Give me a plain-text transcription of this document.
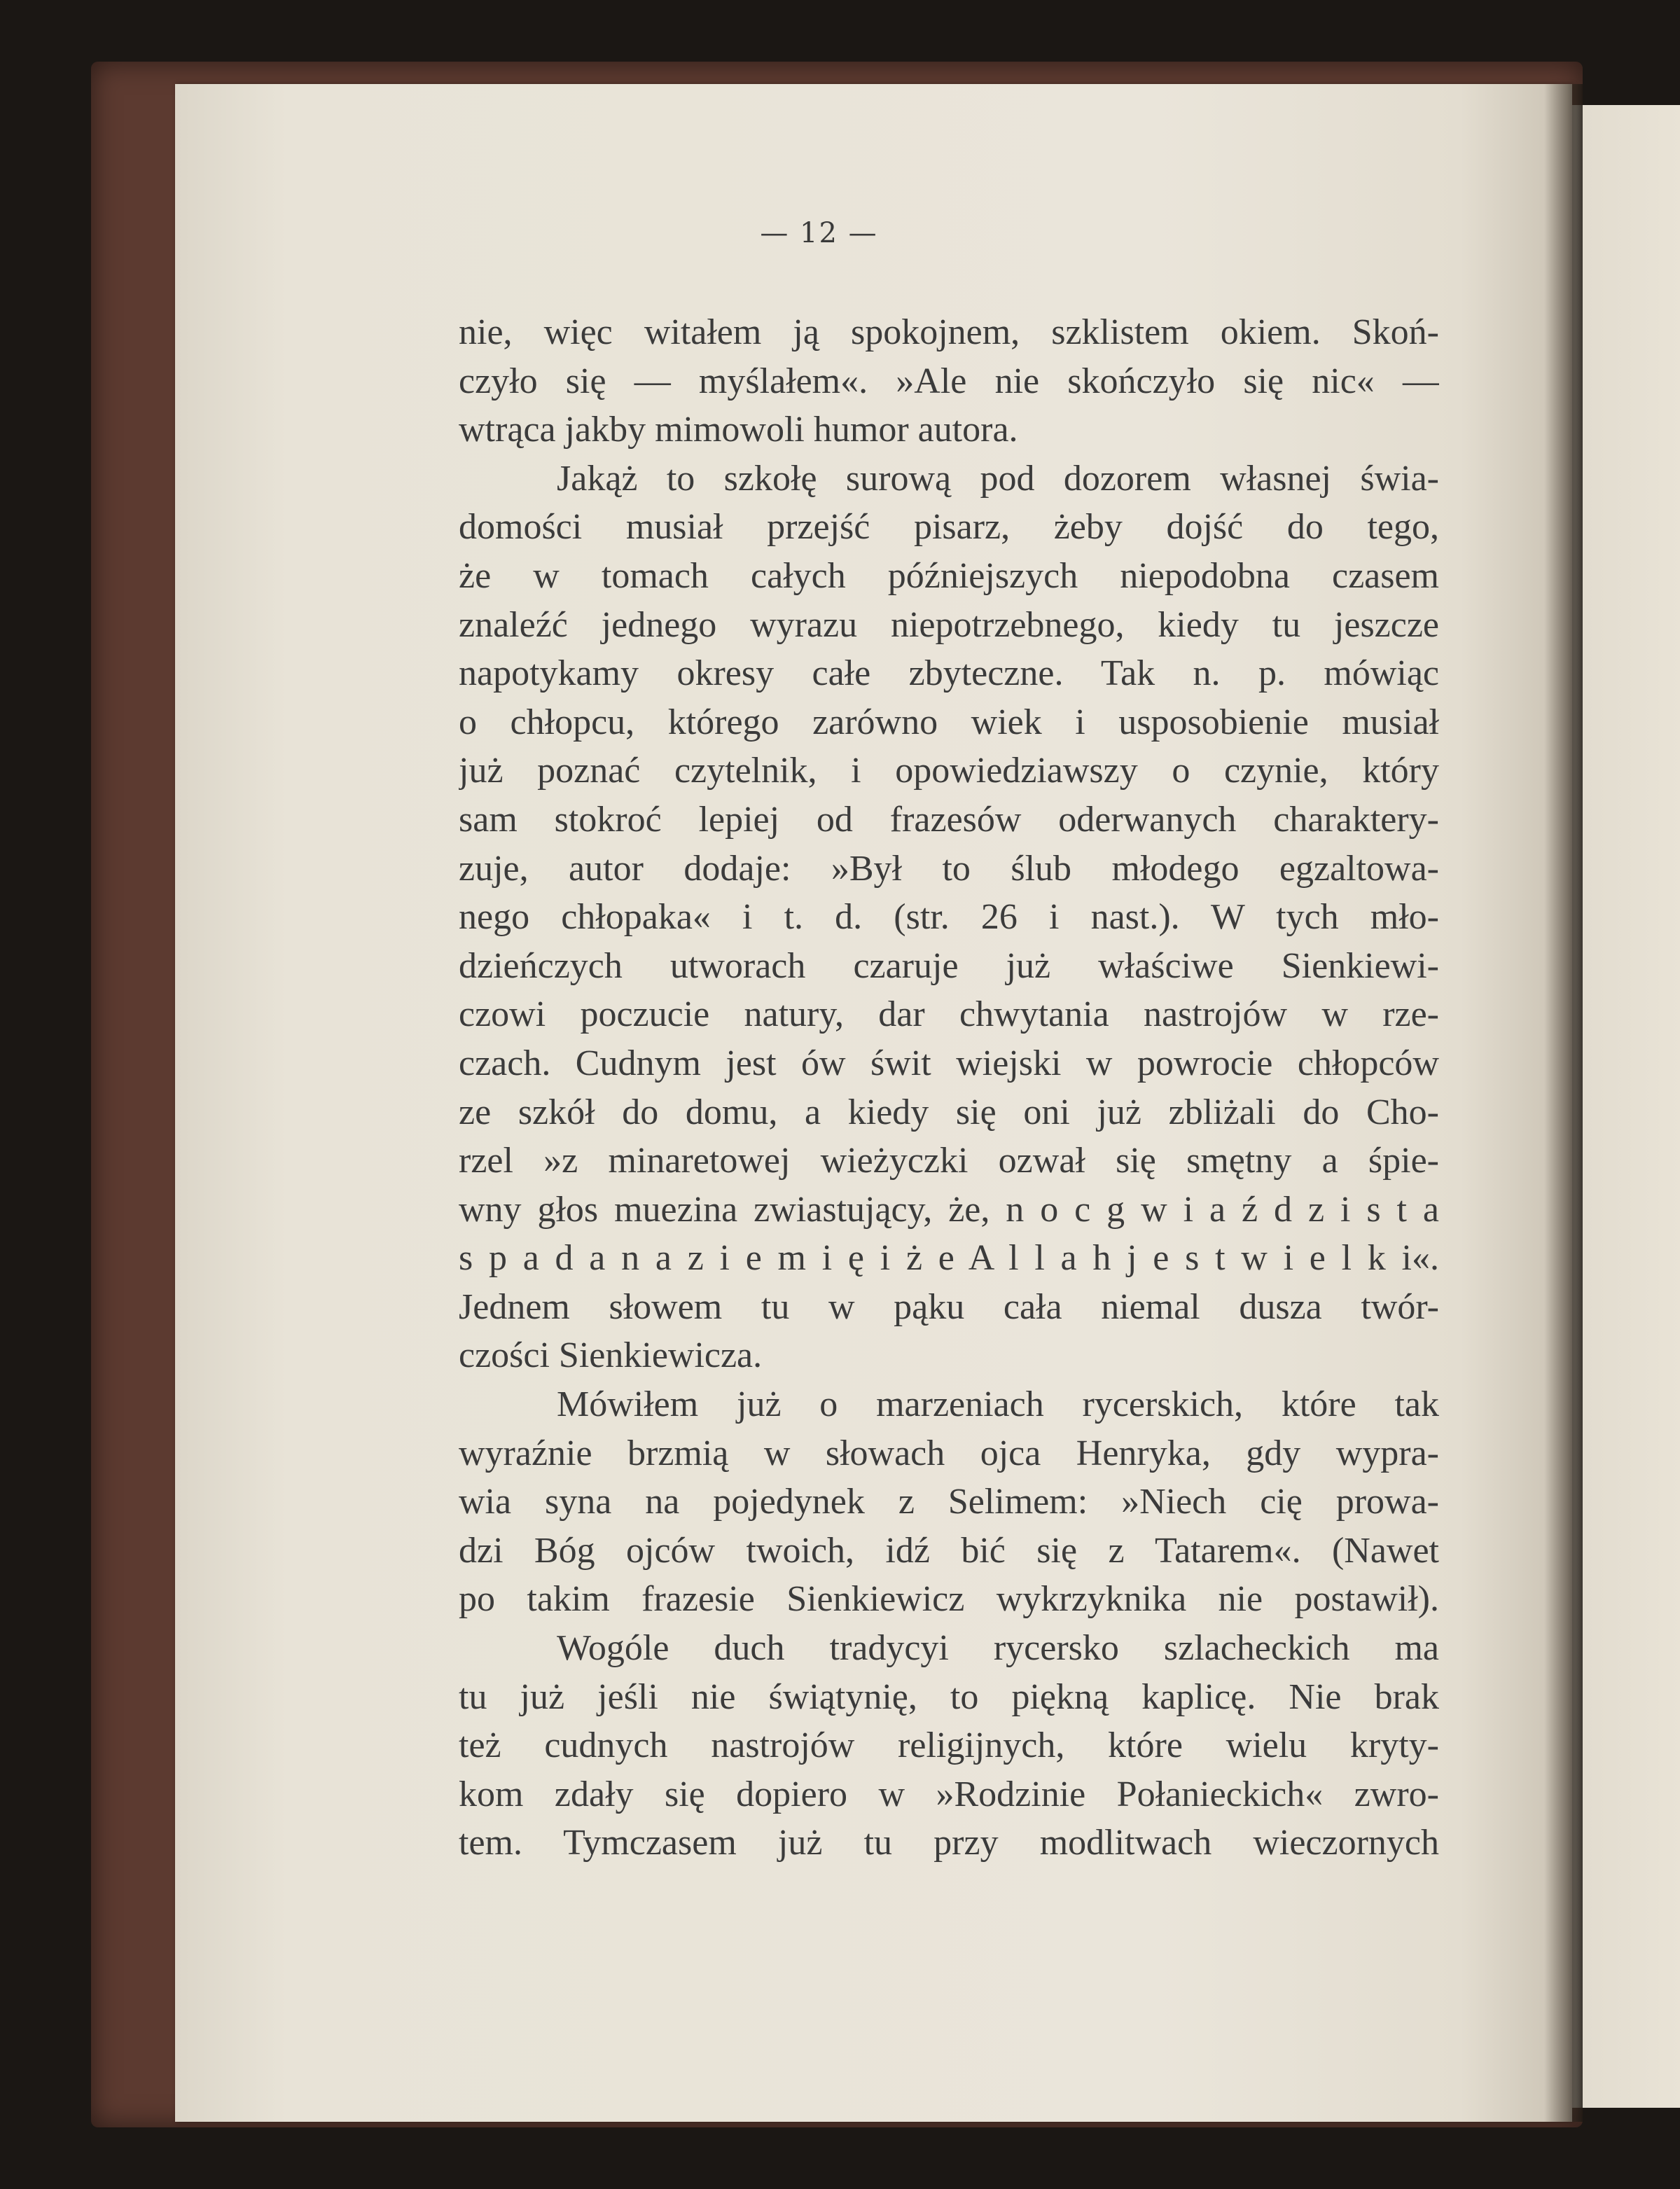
— 12 —
nie, więc witałem ją spokojnem, szklistem okiem. Skoń-
czyło się — myślałem«. »Ale nie skończyło się nic« —
wtrąca jakby mimowoli humor autora.
Jakąż to szkołę surową pod dozorem własnej świa-
domości musiał przejść pisarz, żeby dojść do tego,
że w tomach całych późniejszych niepodobna czasem
znaleźć jednego wyrazu niepotrzebnego, kiedy tu jeszcze
napotykamy okresy całe zbyteczne. Tak n. p. mówiąc
o chłopcu, którego zarówno wiek i usposobienie musiał
już poznać czytelnik, i opowiedziawszy o czynie, który
sam stokroć lepiej od frazesów oderwanych charaktery-
zuje, autor dodaje: »Był to ślub młodego egzaltowa-
nego chłopaka« i t. d. (str. 26 i nast.). W tych mło-
dzieńczych utworach czaruje już właściwe Sienkiewi-
czowi poczucie natury, dar chwytania nastrojów w rze-
czach. Cudnym jest ów świt wiejski w powrocie chłopców
ze szkół do domu, a kiedy się oni już zbliżali do Cho-
rzel »z minaretowej wieżyczki ozwał się smętny a śpie-
wny głos muezina zwiastujący, że, n o c g w i a ź d z i s t a
s p a d a n a z i e m i ę i ż e A l l a h j e s t w i e l k i«.
Jednem słowem tu w pąku cała niemal dusza twór-
czości Sienkiewicza.
Mówiłem już o marzeniach rycerskich, które tak
wyraźnie brzmią w słowach ojca Henryka, gdy wypra-
wia syna na pojedynek z Selimem: »Niech cię prowa-
dzi Bóg ojców twoich, idź bić się z Tatarem«. (Nawet
po takim frazesie Sienkiewicz wykrzyknika nie postawił).
Wogóle duch tradycyi rycersko szlacheckich ma
tu już jeśli nie świątynię, to piękną kaplicę. Nie brak
też cudnych nastrojów religijnych, które wielu kryty-
kom zdały się dopiero w »Rodzinie Połanieckich« zwro-
tem. Tymczasem już tu przy modlitwach wieczornych
